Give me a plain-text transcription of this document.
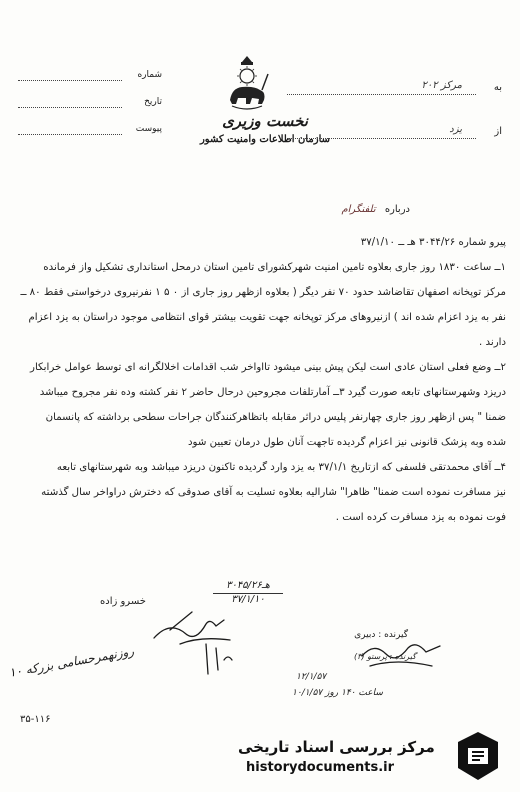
شماره
تاریخ
پیوست	نخست وزیری
سازمان اطلاعات وامنیت کشور
به
مرکز ۲۰۲
از
یزد
درباره تلفنگرام

پیرو شماره ۳۰۴۴/۲۶ هـ ــ ۳۷/۱/۱۰

۱ــ ساعت ۱۸۳۰ روز جاری بعلاوه تامین امنیت شهرکشورای تامین استان درمحل استانداری تشکیل واز فرمانده

مرکز توپخانه اصفهان تقاضاشد حدود ۷۰ نفر دیگر ( بعلاوه ازظهر روز جاری از ۰ ۵ ۱ نفرنیروی درخواستی فقط ۸۰ ــ

نفر به یزد اعزام شده اند ) ازنیروهای مرکز توپخانه جهت تقویت بیشتر قوای انتظامی موجود دراستان به یزد اعزام

دارند .

۲ــ وضع فعلی استان عادی است لیکن پیش بینی میشود تااواخر شب اقدامات اخلالگرانه ای توسط عوامل خرابکار

دریزد وشهرستانهای تابعه صورت گیرد ۳ــ آمارتلفات مجروحین درحال حاضر ۲ نفر کشته وده نفر مجروح میباشد

ضمنا " پس ازظهر روز جاری چهارنفر پلیس دراثر مقابله باتظاهرکنندگان جراحات سطحی برداشته که پانسمان

شده وبه پزشک قانونی نیز اعزام گردیده تاجهت آنان طول درمان تعیین شود

۴ــ آقای محمدتقی فلسفی که ازتاریخ ۳۷/۱/۱ به یزد وارد گردیده تاکنون دریزد میباشد وبه شهرستانهای تابعه

نیز مسافرت نموده است ضمنا" ظاهرا" شارالیه بعلاوه تسلیت به آقای صدوقی که دخترش دراواخر سال گذشته

فوت نموده به یزد مسافرت کرده است .

۳۰۴۵/۲۶هـ
۳۷/۱/۱۰
خسرو زاده
گیرنده : دبیری
گیرنده : پرستو (۳)
روزنهمرحسامی بزرکه ۱۰	۱۲/۱/۵۷
ساعت ۱۴۰ روز ۱۰/۱/۵۷
۳۵-۱۱۶
مرکز بررسی اسناد تاریخی
historydocuments.ir
